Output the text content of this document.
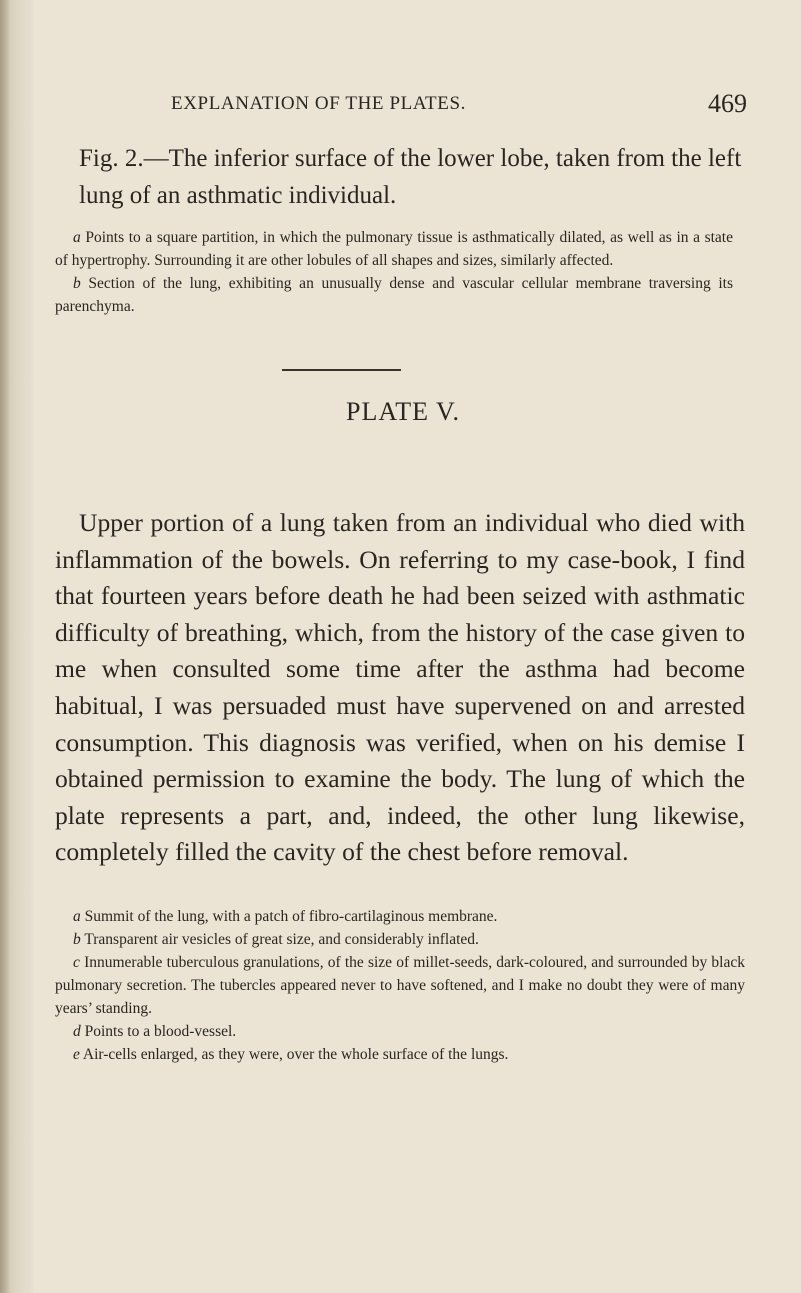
EXPLANATION OF THE PLATES.	469

Fig. 2.—The inferior surface of the lower lobe, taken from the left lung of an asthmatic individual.

a Points to a square partition, in which the pulmonary tissue is asthmatically dilated, as well as in a state of hypertrophy. Surrounding it are other lobules of all shapes and sizes, similarly affected.

b Section of the lung, exhibiting an unusually dense and vascular cellular membrane traversing its parenchyma.

PLATE V.

Upper portion of a lung taken from an individual who died with inflammation of the bowels. On referring to my case-book, I find that fourteen years before death he had been seized with asthmatic difficulty of breathing, which, from the history of the case given to me when consulted some time after the asthma had become habitual, I was persuaded must have supervened on and arrested consumption. This diagnosis was verified, when on his demise I obtained permission to examine the body. The lung of which the plate represents a part, and, indeed, the other lung likewise, completely filled the cavity of the chest before removal.

a Summit of the lung, with a patch of fibro-cartilaginous membrane.

b Transparent air vesicles of great size, and considerably inflated.

c Innumerable tuberculous granulations, of the size of millet-seeds, dark-coloured, and surrounded by black pulmonary secretion. The tubercles appeared never to have softened, and I make no doubt they were of many years’ standing.

d Points to a blood-vessel.

e Air-cells enlarged, as they were, over the whole surface of the lungs.
